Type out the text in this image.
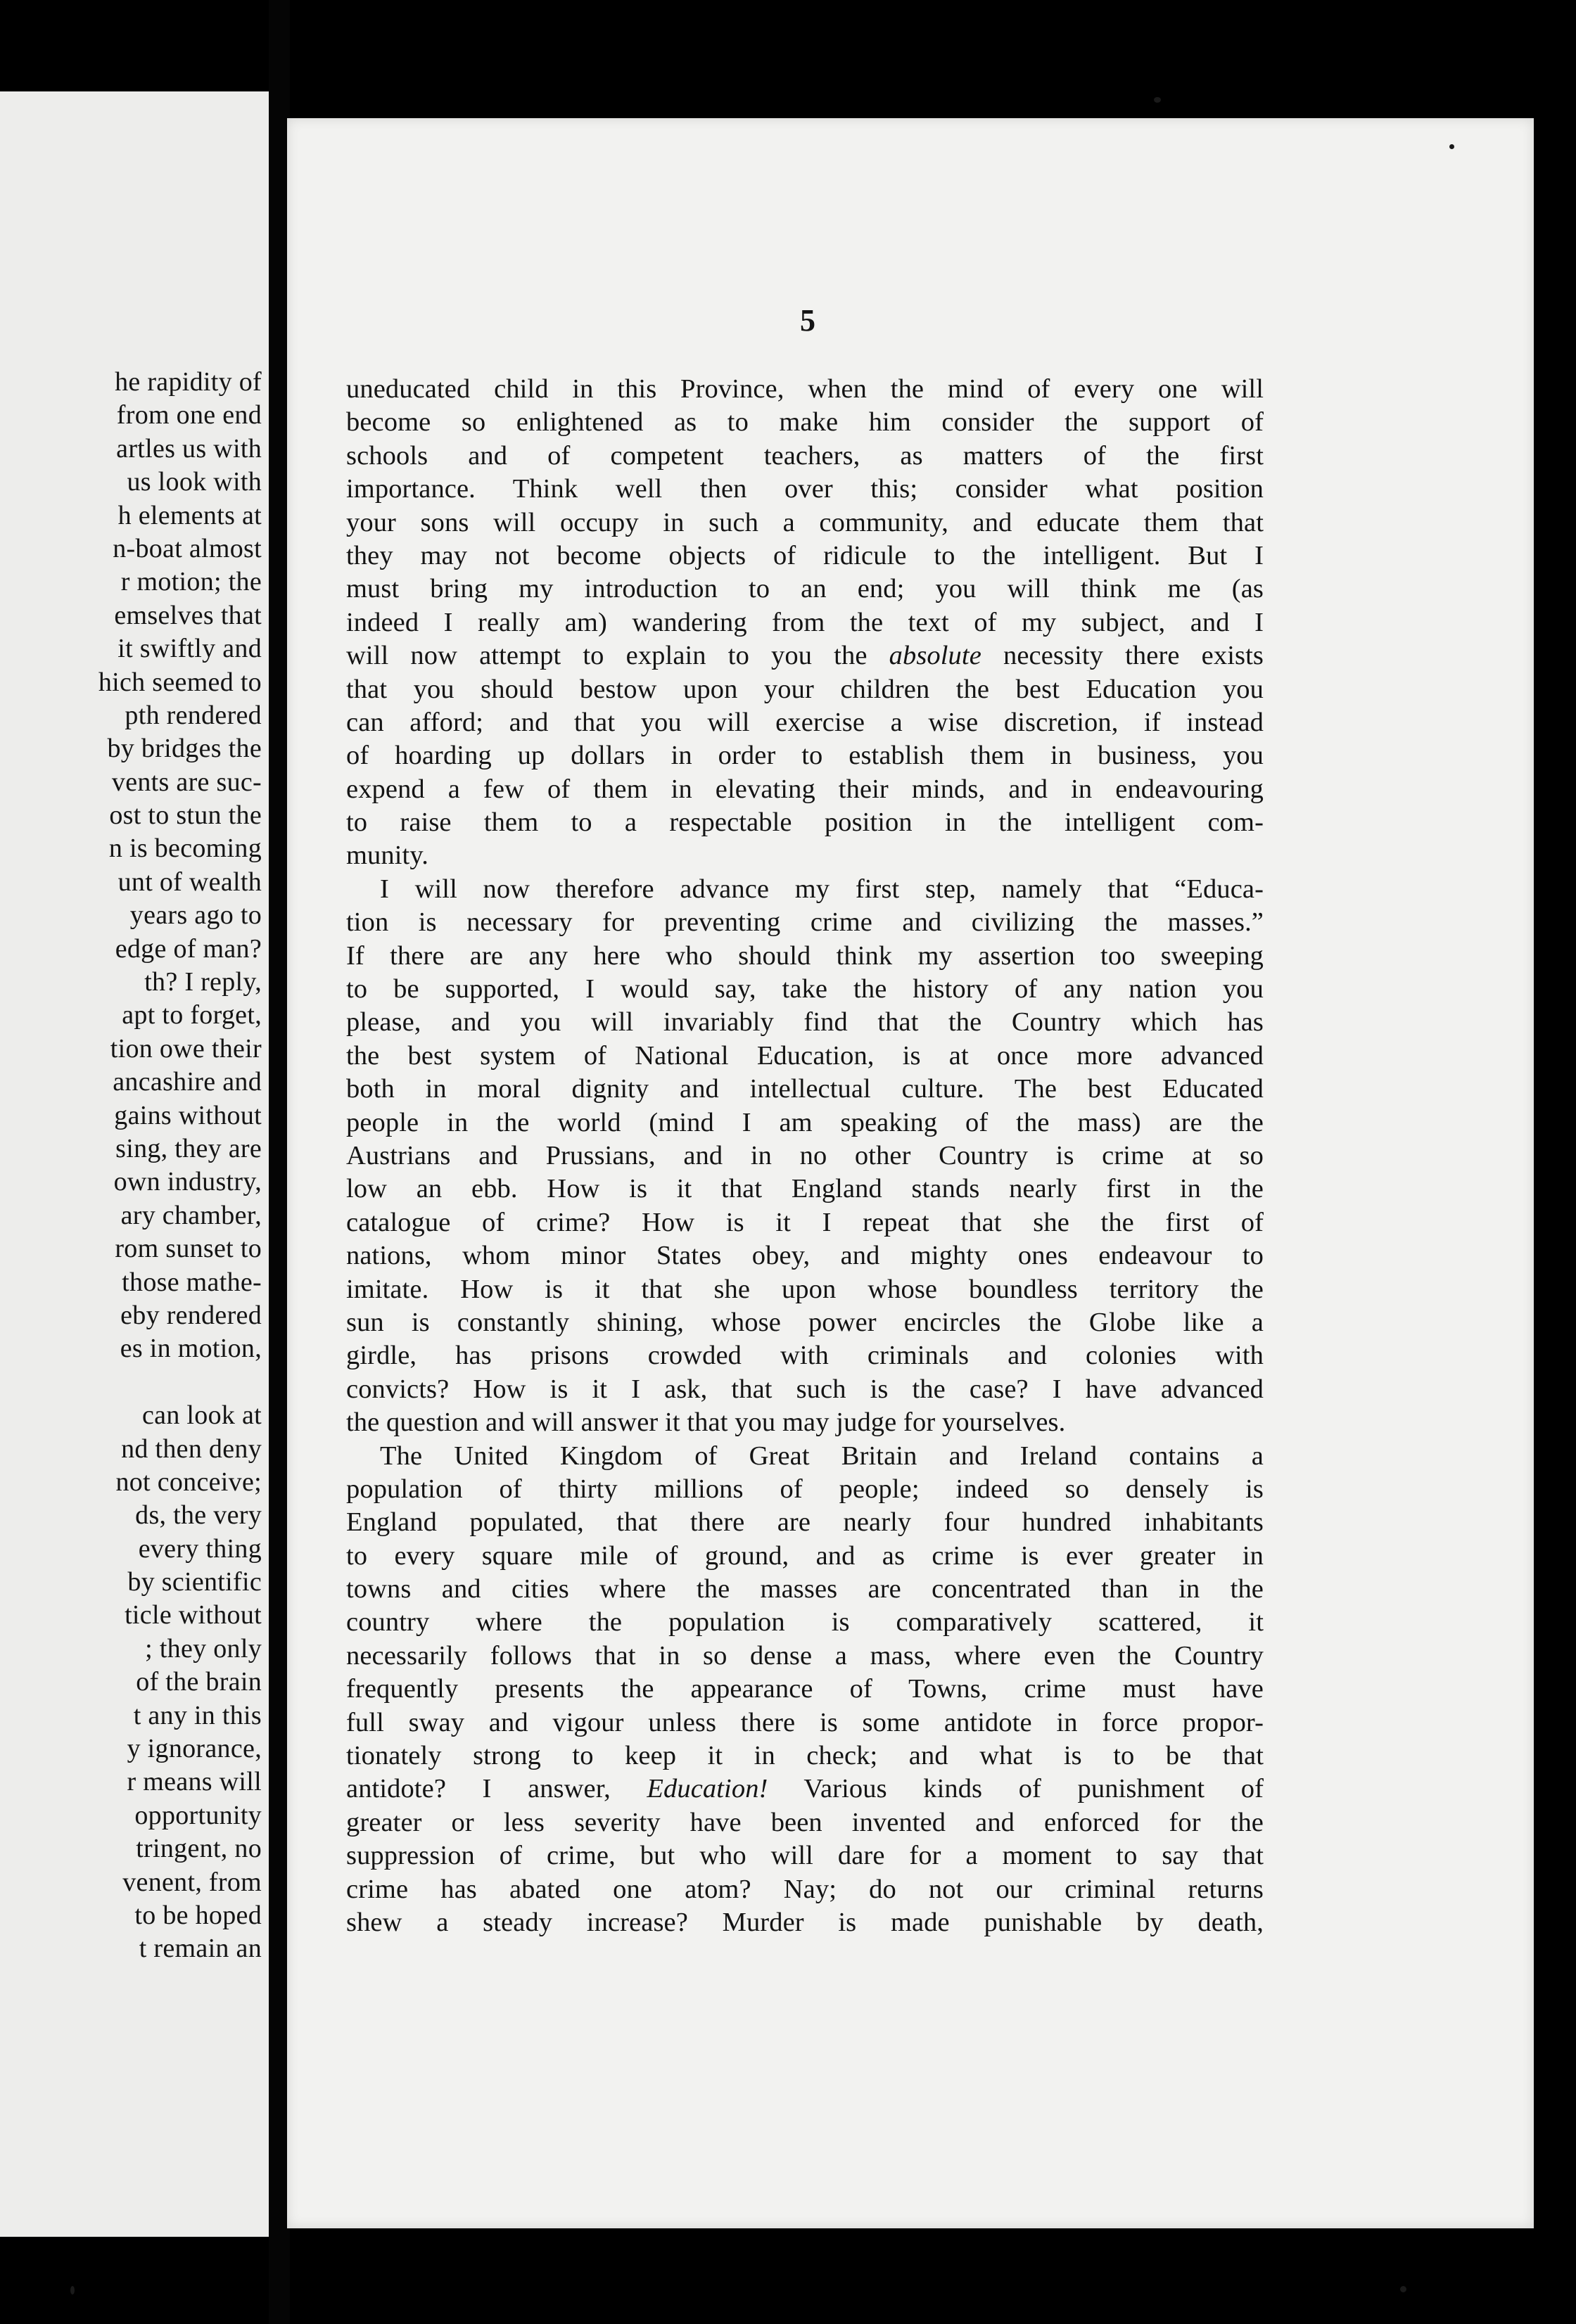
he rapidity of
from one end
artles us with
us look with
h elements at
n-boat almost
r motion; the
emselves that
it swiftly and
hich seemed to
pth rendered
by bridges the
vents are suc-
ost to stun the
n is becoming
unt of wealth
years ago to
edge of man?
th? I reply,
apt to forget,
tion owe their
ancashire and
gains without
sing, they are
own industry,
ary chamber,
rom sunset to
those mathe-
eby rendered
es in motion,

can look at
nd then deny
not conceive;
ds, the very
every thing
by scientific
ticle without
; they only
of the brain
t any in this
y ignorance,
r means will
opportunity
tringent, no
venent, from
to be hoped
t remain an
5
uneducated child in this Province, when the mind of every one will
become so enlightened as to make him consider the support of
schools and of competent teachers, as matters of the first
importance. Think well then over this; consider what position
your sons will occupy in such a community, and educate them that
they may not become objects of ridicule to the intelligent. But I
must bring my introduction to an end; you will think me (as
indeed I really am) wandering from the text of my subject, and I
will now attempt to explain to you the absolute necessity there exists
that you should bestow upon your children the best Education you
can afford; and that you will exercise a wise discretion, if instead
of hoarding up dollars in order to establish them in business, you
expend a few of them in elevating their minds, and in endeavouring
to raise them to a respectable position in the intelligent com-
munity.
I will now therefore advance my first step, namely that “Educa-
tion is necessary for preventing crime and civilizing the masses.”
If there are any here who should think my assertion too sweeping
to be supported, I would say, take the history of any nation you
please, and you will invariably find that the Country which has
the best system of National Education, is at once more advanced
both in moral dignity and intellectual culture. The best Educated
people in the world (mind I am speaking of the mass) are the
Austrians and Prussians, and in no other Country is crime at so
low an ebb. How is it that England stands nearly first in the
catalogue of crime? How is it I repeat that she the first of
nations, whom minor States obey, and mighty ones endeavour to
imitate. How is it that she upon whose boundless territory the
sun is constantly shining, whose power encircles the Globe like a
girdle, has prisons crowded with criminals and colonies with
convicts? How is it I ask, that such is the case? I have advanced
the question and will answer it that you may judge for yourselves.
The United Kingdom of Great Britain and Ireland contains a
population of thirty millions of people; indeed so densely is
England populated, that there are nearly four hundred inhabitants
to every square mile of ground, and as crime is ever greater in
towns and cities where the masses are concentrated than in the
country where the population is comparatively scattered, it
necessarily follows that in so dense a mass, where even the Country
frequently presents the appearance of Towns, crime must have
full sway and vigour unless there is some antidote in force propor-
tionately strong to keep it in check; and what is to be that
antidote? I answer, Education! Various kinds of punishment of
greater or less severity have been invented and enforced for the
suppression of crime, but who will dare for a moment to say that
crime has abated one atom? Nay; do not our criminal returns
shew a steady increase? Murder is made punishable by death,
